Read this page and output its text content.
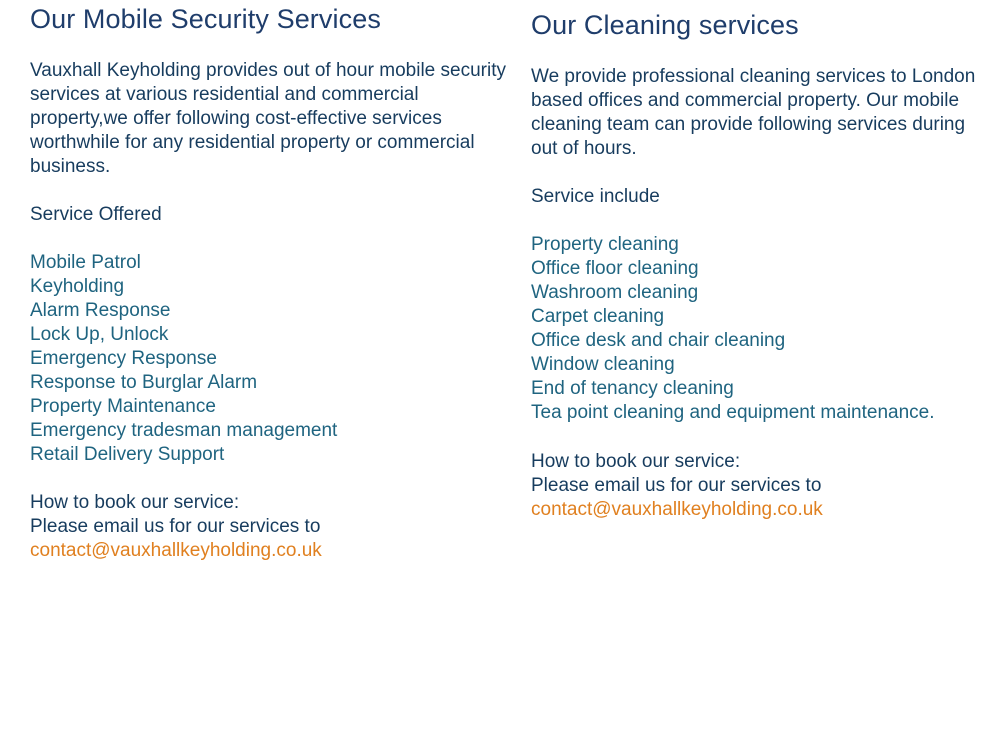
Our Mobile Security Services

Vauxhall Keyholding provides out of hour mobile security services at various residential and commercial property,we offer following cost-effective services worthwhile for any residential property or commercial business.

Service Offered

Mobile Patrol
Keyholding
Alarm Response
Lock Up, Unlock
Emergency Response
Response to Burglar Alarm
Property Maintenance
Emergency tradesman management
Retail Delivery Support
How to book our service:
Please email us for our services to
contact@vauxhallkeyholding.co.uk
Our Cleaning services

We provide professional cleaning services to London based offices and commercial property. Our mobile cleaning team can provide following services during out of hours.

Service include

Property cleaning
Office floor cleaning
Washroom cleaning
Carpet cleaning
Office desk and chair cleaning
Window cleaning
End of tenancy cleaning
Tea point cleaning and equipment maintenance.
How to book our service:
Please email us for our services to
contact@vauxhallkeyholding.co.uk
